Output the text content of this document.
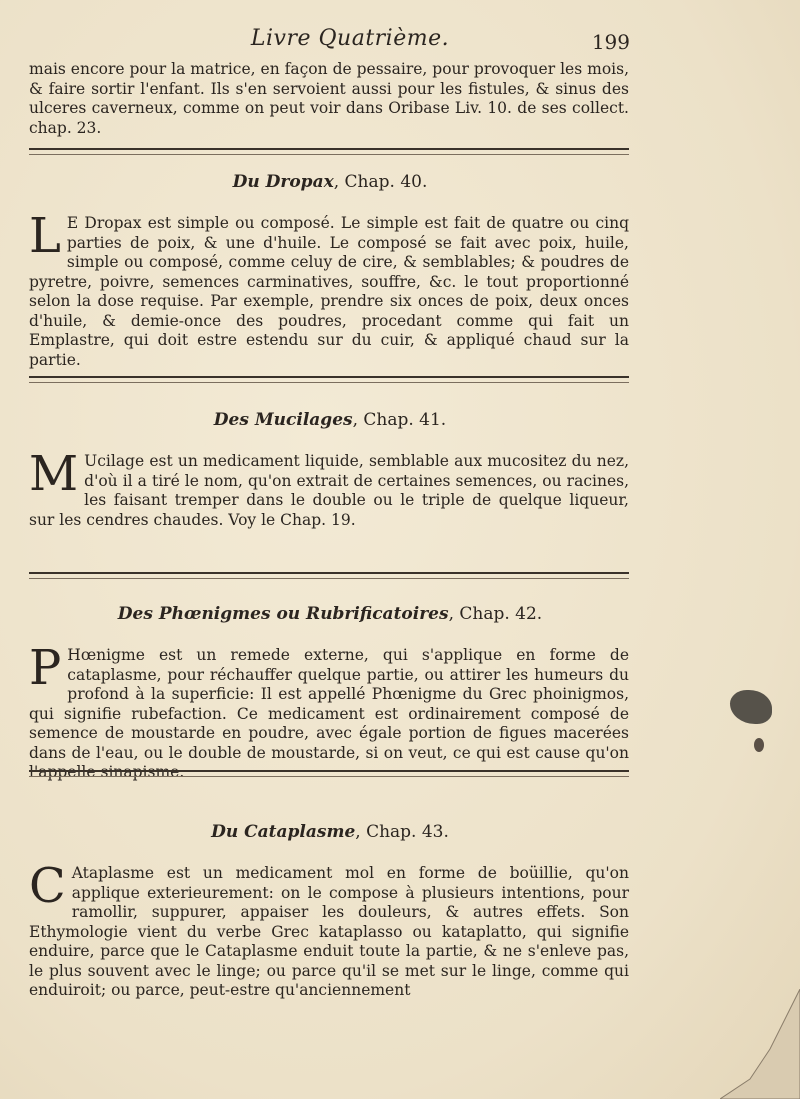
Livre Quatrième.	199
mais encore pour la matrice, en façon de pessaire, pour provoquer les mois, & faire sortir l'enfant. Ils s'en servoient aussi pour les fistules, & sinus des ulceres caverneux, comme on peut voir dans Oribase Liv. 10. de ses collect. chap. 23.
Du Dropax, Chap. 40.
L E Dropax est simple ou composé. Le simple est fait de quatre ou cinq parties de poix, & une d'huile. Le composé se fait avec poix, huile, simple ou composé, comme celuy de cire, & semblables; & poudres de pyretre, poivre, semences carminatives, souffre, &c. le tout proportionné selon la dose requise. Par exemple, prendre six onces de poix, deux onces d'huile, & demie-once des poudres, procedant comme qui fait un Emplastre, qui doit estre estendu sur du cuir, & appliqué chaud sur la partie.
Des Mucilages, Chap. 41.
M Ucilage est un medicament liquide, semblable aux mucositez du nez, d'où il a tiré le nom, qu'on extrait de certaines semences, ou racines, les faisant tremper dans le double ou le triple de quelque liqueur, sur les cendres chaudes. Voy le Chap. 19.
Des Phœnigmes ou Rubrificatoires, Chap. 42.
P Hœnigme est un remede externe, qui s'applique en forme de cataplasme, pour réchauffer quelque partie, ou attirer les humeurs du profond à la superficie: Il est appellé Phœnigme du Grec phoinigmos, qui signifie rubefaction. Ce medicament est ordinairement composé de semence de moustarde en poudre, avec égale portion de figues macerées dans de l'eau, ou le double de moustarde, si on veut, ce qui est cause qu'on l'appelle sinapisme.
Du Cataplasme, Chap. 43.
C Ataplasme est un medicament mol en forme de boüillie, qu'on applique exterieurement: on le compose à plusieurs intentions, pour ramollir, suppurer, appaiser les douleurs, & autres effets. Son Ethymologie vient du verbe Grec kataplasso ou kataplatto, qui signifie enduire, parce que le Cataplasme enduit toute la partie, & ne s'enleve pas, le plus souvent avec le linge; ou parce qu'il se met sur le linge, comme qui enduiroit; ou parce, peut-estre qu'anciennement
